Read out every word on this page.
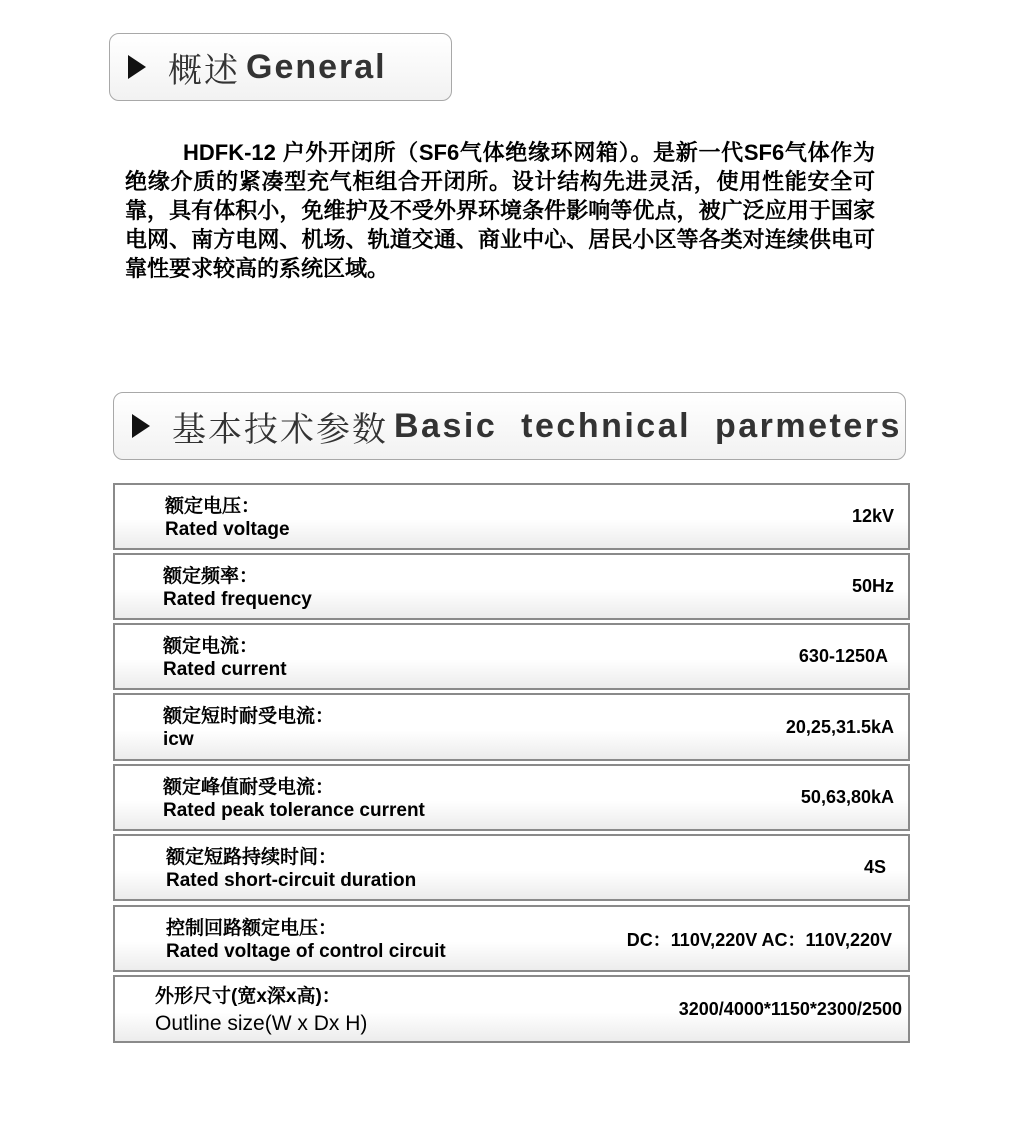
概述 General

HDFK-12 户外开闭所（SF6气体绝缘环网箱）。是新一代SF6气体作为绝缘介质的紧凑型充气柜组合开闭所。设计结构先进灵活，使用性能安全可靠，具有体积小，免维护及不受外界环境条件影响等优点，被广泛应用于国家电网、南方电网、机场、轨道交通、商业中心、居民小区等各类对连续供电可靠性要求较高的系统区域。

基本技术参数 Basic technical parmeters
额定电压：
Rated voltage
12kV
额定频率：
Rated frequency
50Hz
额定电流：
Rated current
630-1250A
额定短时耐受电流：
icw
20,25,31.5kA
额定峰值耐受电流：
Rated peak tolerance current
50,63,80kA
额定短路持续时间：
Rated short-circuit duration
4S
控制回路额定电压：
Rated voltage of control circuit
DC：110V,220V AC：110V,220V
外形尺寸(宽x深x高)：
Outline size(W x Dx H)
3200/4000*1150*2300/2500
